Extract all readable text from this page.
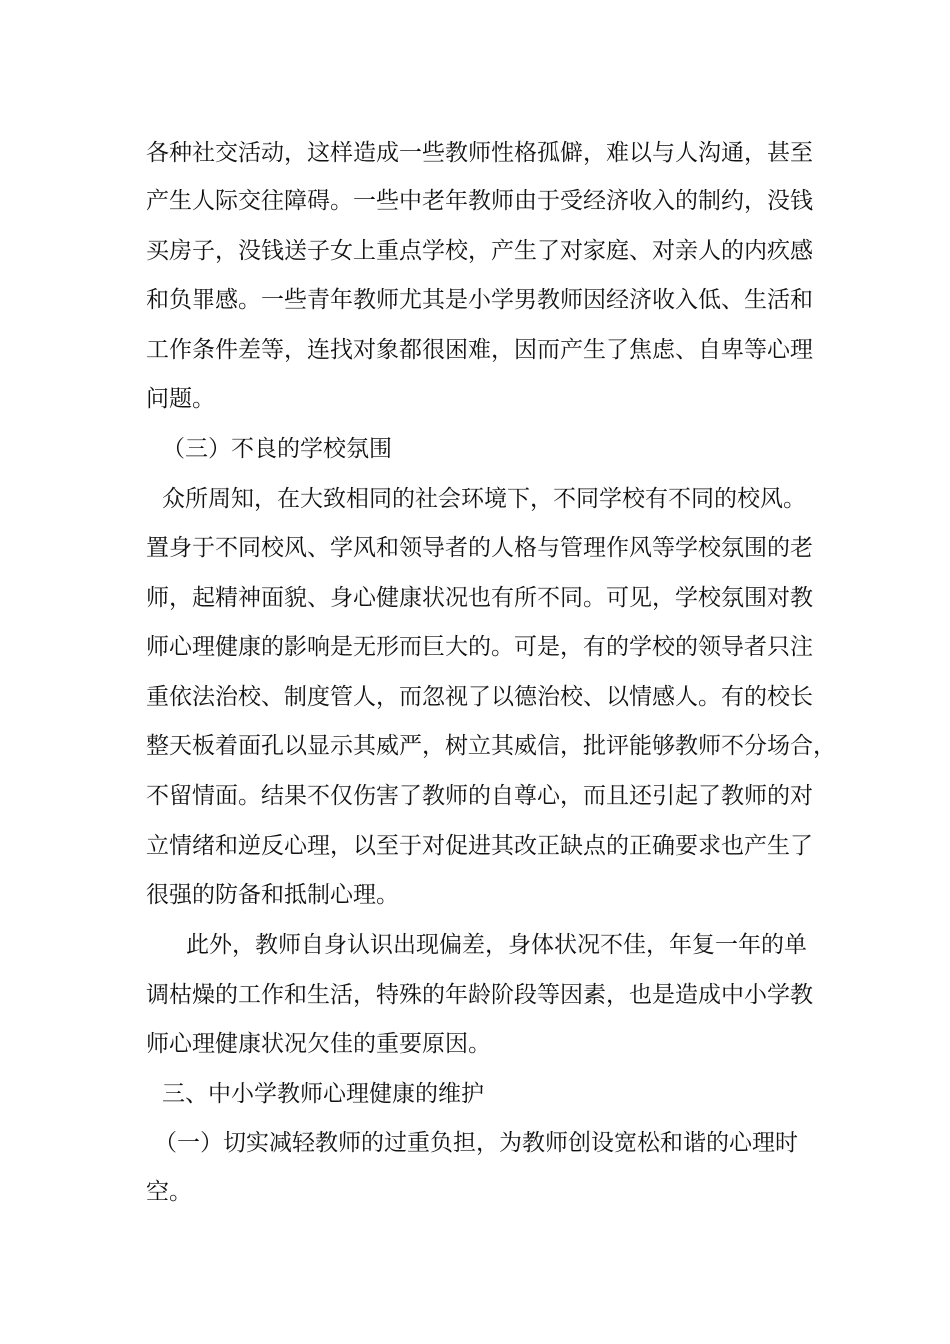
各种社交活动，这样造成一些教师性格孤僻，难以与人沟通，甚至
产生人际交往障碍。一些中老年教师由于受经济收入的制约，没钱
买房子，没钱送子女上重点学校，产生了对家庭、对亲人的内疚感
和负罪感。一些青年教师尤其是小学男教师因经济收入低、生活和
工作条件差等，连找对象都很困难，因而产生了焦虑、自卑等心理
问题。
（三）不良的学校氛围
众所周知，在大致相同的社会环境下，不同学校有不同的校风。
置身于不同校风、学风和领导者的人格与管理作风等学校氛围的老
师，起精神面貌、身心健康状况也有所不同。可见，学校氛围对教
师心理健康的影响是无形而巨大的。可是，有的学校的领导者只注
重依法治校、制度管人，而忽视了以德治校、以情感人。有的校长
整天板着面孔以显示其威严，树立其威信，批评能够教师不分场合，
不留情面。结果不仅伤害了教师的自尊心，而且还引起了教师的对
立情绪和逆反心理，以至于对促进其改正缺点的正确要求也产生了
很强的防备和抵制心理。
此外，教师自身认识出现偏差，身体状况不佳，年复一年的单
调枯燥的工作和生活，特殊的年龄阶段等因素，也是造成中小学教
师心理健康状况欠佳的重要原因。
三、中小学教师心理健康的维护
（一）切实减轻教师的过重负担，为教师创设宽松和谐的心理时
空。
